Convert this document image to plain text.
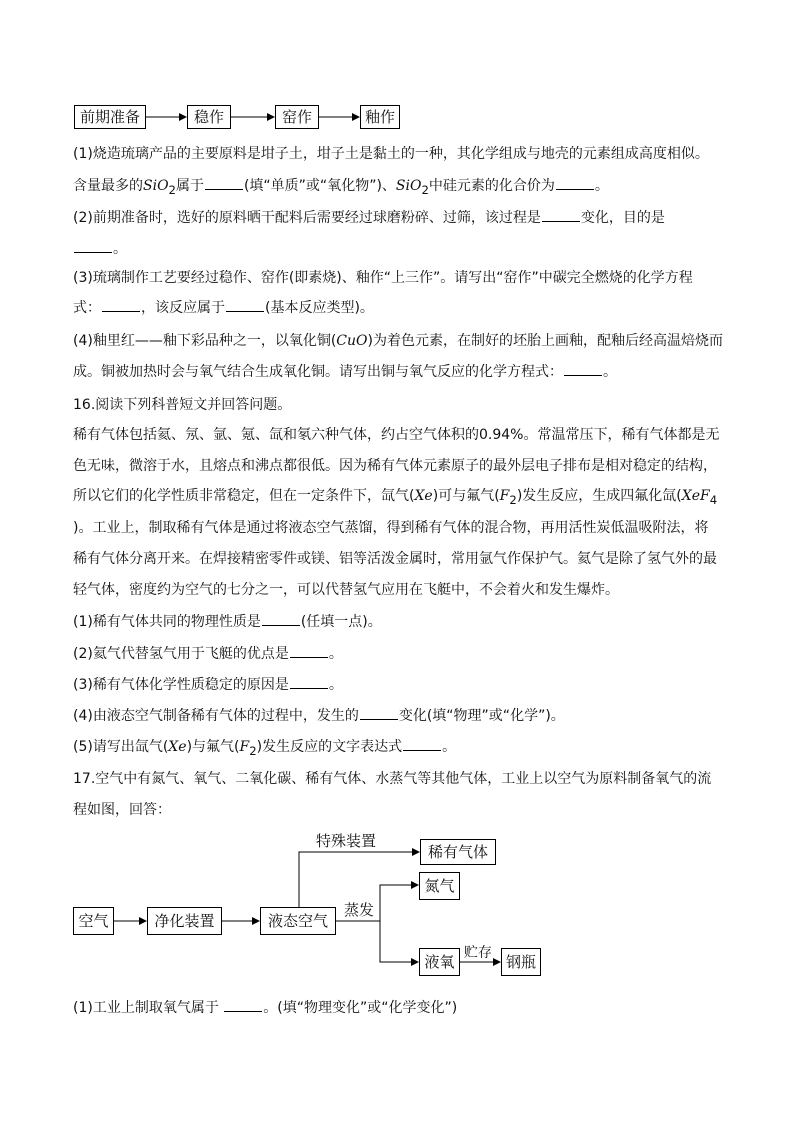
前期准备	稳作	窑作	釉作
(1)烧造琉璃产品的主要原料是坩子土，坩子土是黏土的一种，其化学组成与地壳的元素组成高度相似。
含量最多的SiO$_2$属于	(填“单质”或“氧化物”)、SiO$_2$中硅元素的化合价为	。
(2)前期准备时，选好的原料晒干配料后需要经过球磨粉碎、过筛，该过程是	变化，目的是
。
(3)琉璃制作工艺要经过稳作、窑作(即素烧)、釉作“上三作”。请写出“窑作”中碳完全燃烧的化学方程
式：	，该反应属于	(基本反应类型)。
(4)釉里红——釉下彩品种之一，以氧化铜(CuO)为着色元素，在制好的坯胎上画釉，配釉后经高温焙烧而
成。铜被加热时会与氧气结合生成氧化铜。请写出铜与氧气反应的化学方程式：	。
16.阅读下列科普短文并回答问题。
稀有气体包括氦、氖、氩、氪、氙和氡六种气体，约占空气体积的0.94%。常温常压下，稀有气体都是无
色无味，微溶于水，且熔点和沸点都很低。因为稀有气体元素原子的最外层电子排布是相对稳定的结构，
所以它们的化学性质非常稳定，但在一定条件下，氙气(Xe)可与氟气$(F_2)$发生反应，生成四氟化氙(XeF$_4$
)。工业上，制取稀有气体是通过将液态空气蒸馏，得到稀有气体的混合物，再用活性炭低温吸附法，将
稀有气体分离开来。在焊接精密零件或镁、铝等活泼金属时，常用氩气作保护气。氦气是除了氢气外的最
轻气体，密度约为空气的七分之一，可以代替氢气应用在飞艇中，不会着火和发生爆炸。
(1)稀有气体共同的物理性质是	(任填一点)。
(2)氦气代替氢气用于飞艇的优点是	。
(3)稀有气体化学性质稳定的原因是	。
(4)由液态空气制备稀有气体的过程中，发生的	变化(填“物理”或“化学”)。
(5)请写出氙气(Xe)与氟气$(F_2)$发生反应的文字表达式	。
17.空气中有氮气、氧气、二氧化碳、稀有气体、水蒸气等其他气体，工业上以空气为原料制备氧气的流
程如图，回答：
空气	净化装置	液态空气
稀有气体
氮气
液氧	钢瓶
特殊装置
蒸发
贮存
(1)工业上制取氧气属于	。(填“物理变化”或“化学变化”)
